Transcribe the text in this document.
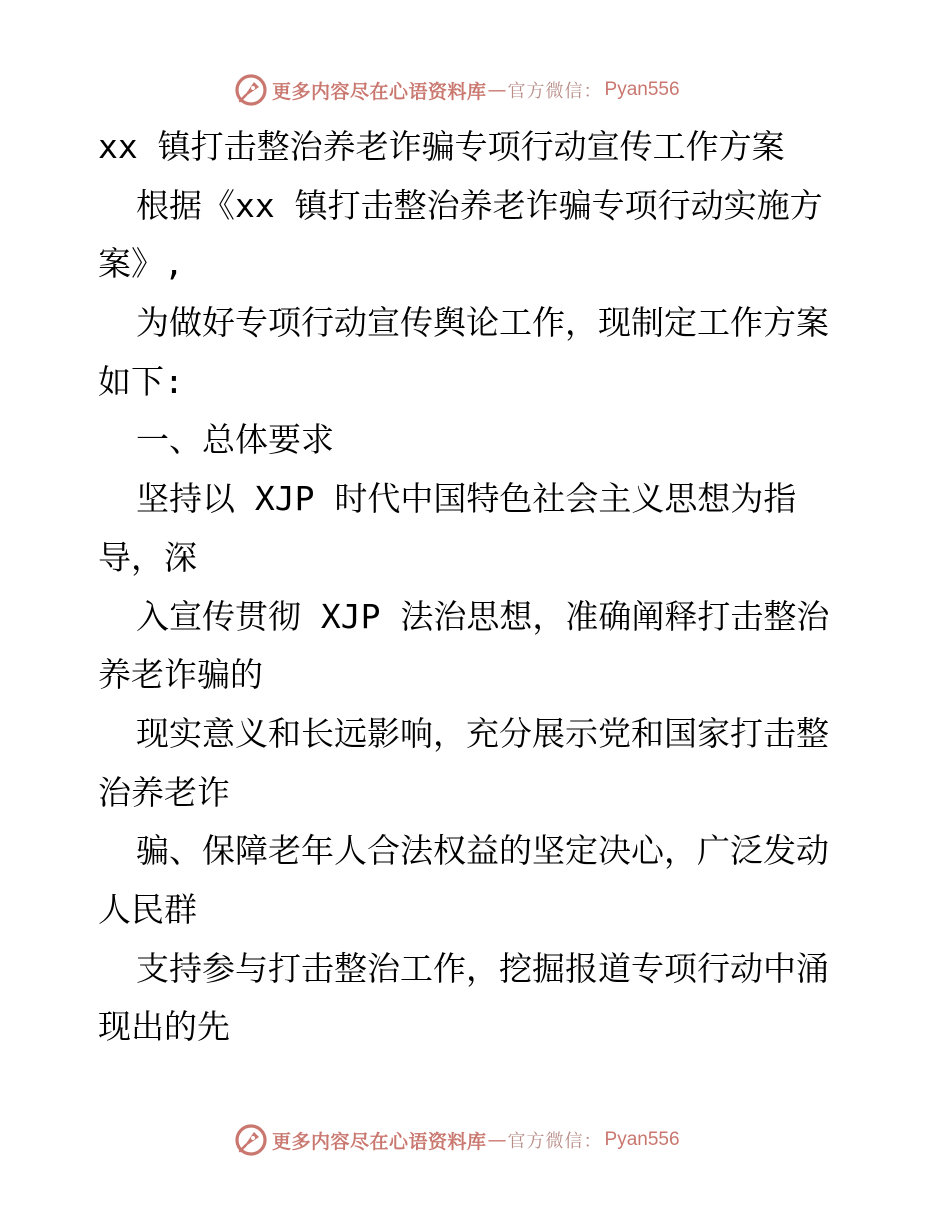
更多内容尽在心语资料库 — 官方微信： Pyan556
xx 镇打击整治养老诈骗专项行动宣传工作方案
根据《xx 镇打击整治养老诈骗专项行动实施方
案》,
为做好专项行动宣传舆论工作，现制定工作方案
如下:
一、总体要求
坚持以 XJP 时代中国特色社会主义思想为指
导，深
入宣传贯彻 XJP 法治思想，准确阐释打击整治
养老诈骗的
现实意义和长远影响，充分展示党和国家打击整
治养老诈
骗、保障老年人合法权益的坚定决心，广泛发动
人民群
支持参与打击整治工作，挖掘报道专项行动中涌
现出的先
更多内容尽在心语资料库 — 官方微信： Pyan556
